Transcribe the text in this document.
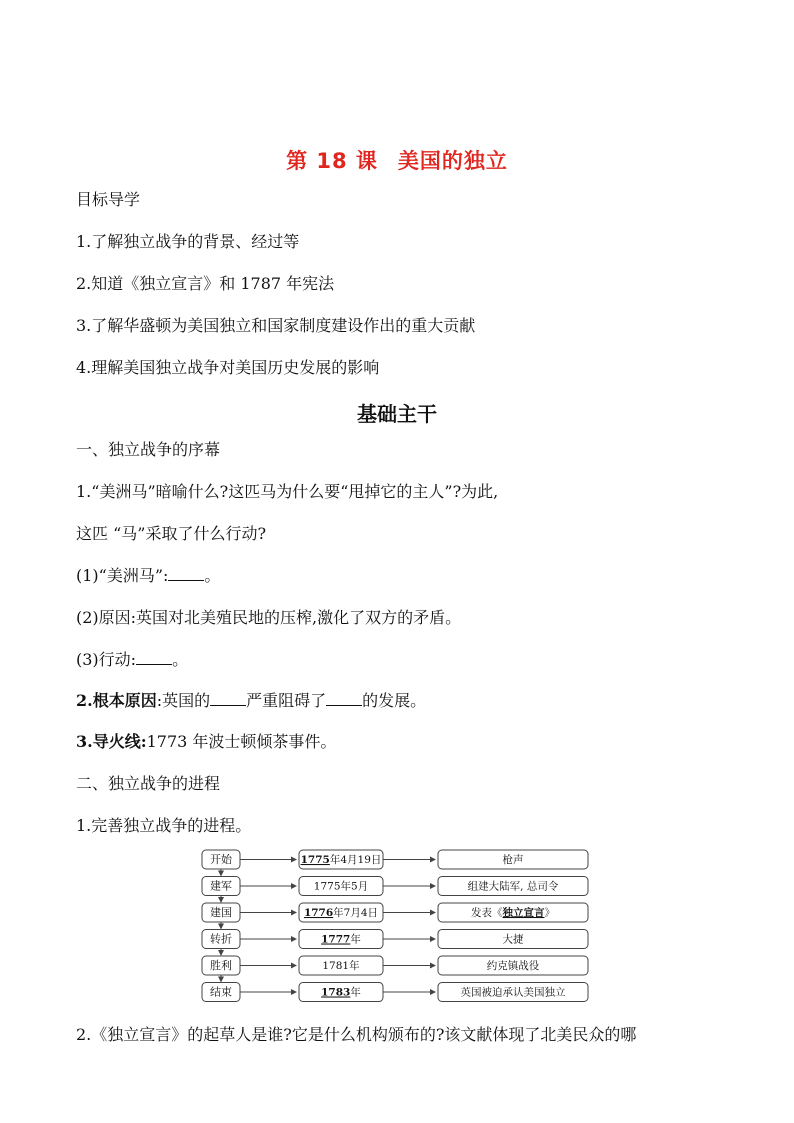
第 18 课 美国的独立
目标导学
1.了解独立战争的背景、经过等
2.知道《独立宣言》和 1787 年宪法
3.了解华盛顿为美国独立和国家制度建设作出的重大贡献
4.理解美国独立战争对美国历史发展的影响
基础主干
一、独立战争的序幕
1.“美洲马”暗喻什么?这匹马为什么要“甩掉它的主人”?为此,
这匹 “马”采取了什么行动?
(1)“美洲马”: 。
(2)原因:英国对北美殖民地的压榨,激化了双方的矛盾。
(3)行动: 。
2.根本原因:英国的 严重阻碍了 的发展。
3.导火线:1773 年波士顿倾茶事件。
二、独立战争的进程
1.完善独立战争的进程。
开始	1775年4月19日	枪声
建军	1775年5月	组建大陆军, 总司令
建国	1776年7月4日	发表《独立宣言》
转折	1777年	大捷
胜利	1781年	约克镇战役
结束	1783年	英国被迫承认美国独立
2.《独立宣言》的起草人是谁?它是什么机构颁布的?该文献体现了北美民众的哪
